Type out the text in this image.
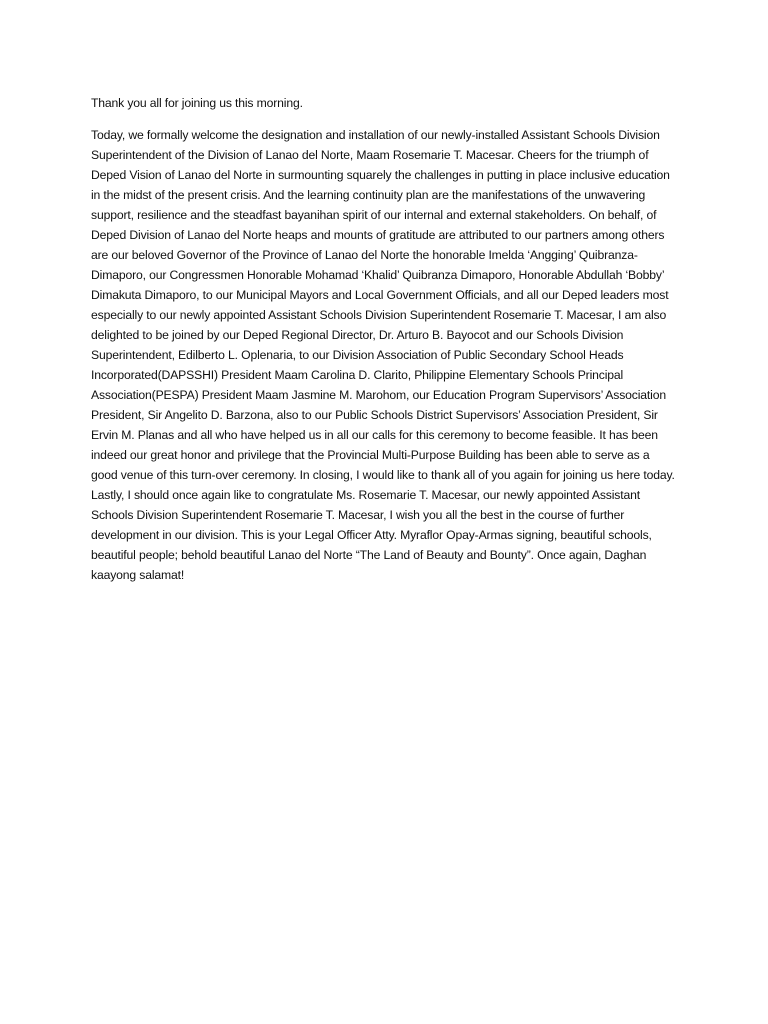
Thank you all for joining us this morning.

Today, we formally welcome the designation and installation of our newly-installed Assistant Schools Division Superintendent of the Division of Lanao del Norte, Maam Rosemarie T. Macesar. Cheers for the triumph of Deped Vision of Lanao del Norte in surmounting squarely the challenges in putting in place inclusive education in the midst of the present crisis. And the learning continuity plan are the manifestations of the unwavering support, resilience and the steadfast bayanihan spirit of our internal and external stakeholders. On behalf, of Deped Division of Lanao del Norte heaps and mounts of gratitude are attributed to our partners among others are our beloved Governor of the Province of Lanao del Norte the honorable Imelda ‘Angging’ Quibranza-Dimaporo, our Congressmen Honorable Mohamad ‘Khalid’ Quibranza Dimaporo, Honorable Abdullah ‘Bobby’ Dimakuta Dimaporo, to our Municipal Mayors and Local Government Officials, and all our Deped leaders most especially to our newly appointed Assistant Schools Division Superintendent Rosemarie T. Macesar, I am also delighted to be joined by our Deped Regional Director, Dr. Arturo B. Bayocot and our Schools Division Superintendent, Edilberto L. Oplenaria, to our Division Association of Public Secondary School Heads Incorporated(DAPSSHI) President Maam Carolina D. Clarito, Philippine Elementary Schools Principal Association(PESPA) President Maam Jasmine M. Marohom, our Education Program Supervisors’ Association President, Sir Angelito D. Barzona, also to our Public Schools District Supervisors’ Association President, Sir Ervin M. Planas and all who have helped us in all our calls for this ceremony to become feasible. It has been indeed our great honor and privilege that the Provincial Multi-Purpose Building has been able to serve as a good venue of this turn-over ceremony. In closing, I would like to thank all of you again for joining us here today. Lastly, I should once again like to congratulate Ms. Rosemarie T. Macesar, our newly appointed Assistant Schools Division Superintendent Rosemarie T. Macesar, I wish you all the best in the course of further development in our division. This is your Legal Officer Atty. Myraflor Opay-Armas signing, beautiful schools, beautiful people; behold beautiful Lanao del Norte “The Land of Beauty and Bounty”. Once again, Daghan kaayong salamat!
